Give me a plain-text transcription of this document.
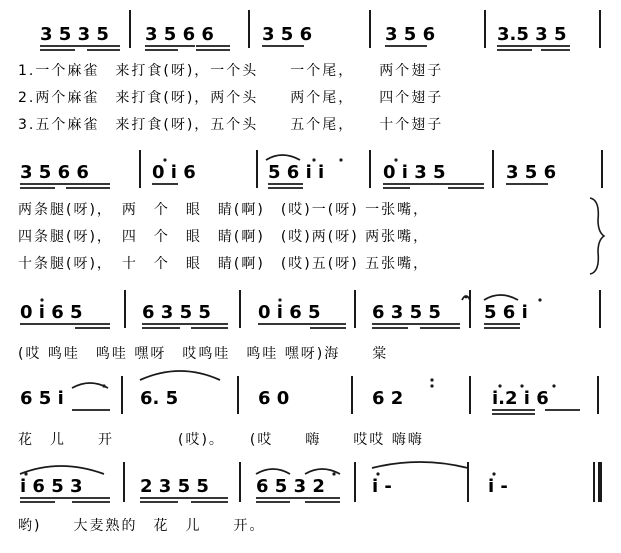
3 5 3 5 3 5 6 6	3 5 6	3 5 6	3.5 3 5
1.一个麻雀　来打食(呀)，一个头　　一个尾，　　两个翅子
2.两个麻雀　来打食(呀)，两个头　　两个尾，　　四个翅子
3.五个麻雀　来打食(呀)，五个头　　五个尾，　　十个翅子
3 5 6 6	0 i 6	5 6 i i	0 i 3 5	3 5 6
两条腿(呀)，　两　个　眼　睛(啊)　(哎)一(呀) 一张嘴，
四条腿(呀)，　四　个　眼　睛(啊)　(哎)两(呀) 两张嘴，
十条腿(呀)，　十　个　眼　睛(啊)　(哎)五(呀) 五张嘴，
0 i 6 5	6 3 5 5	0 i 6 5	6 3 5 5 5 6 i
(哎 鸣哇　鸣哇 嘿呀　哎鸣哇　鸣哇 嘿呀)海　　棠
6 5 i	6. 5	6 0	6 2	i.2 i 6
花　儿　　开　　　　(哎)。　　(哎　　嗨　　哎哎 嗨嗨
i 6 5 3	2 3 5 5	6 5 3 2	i -	i -
哟)　　大麦熟的　花　儿　　开。
